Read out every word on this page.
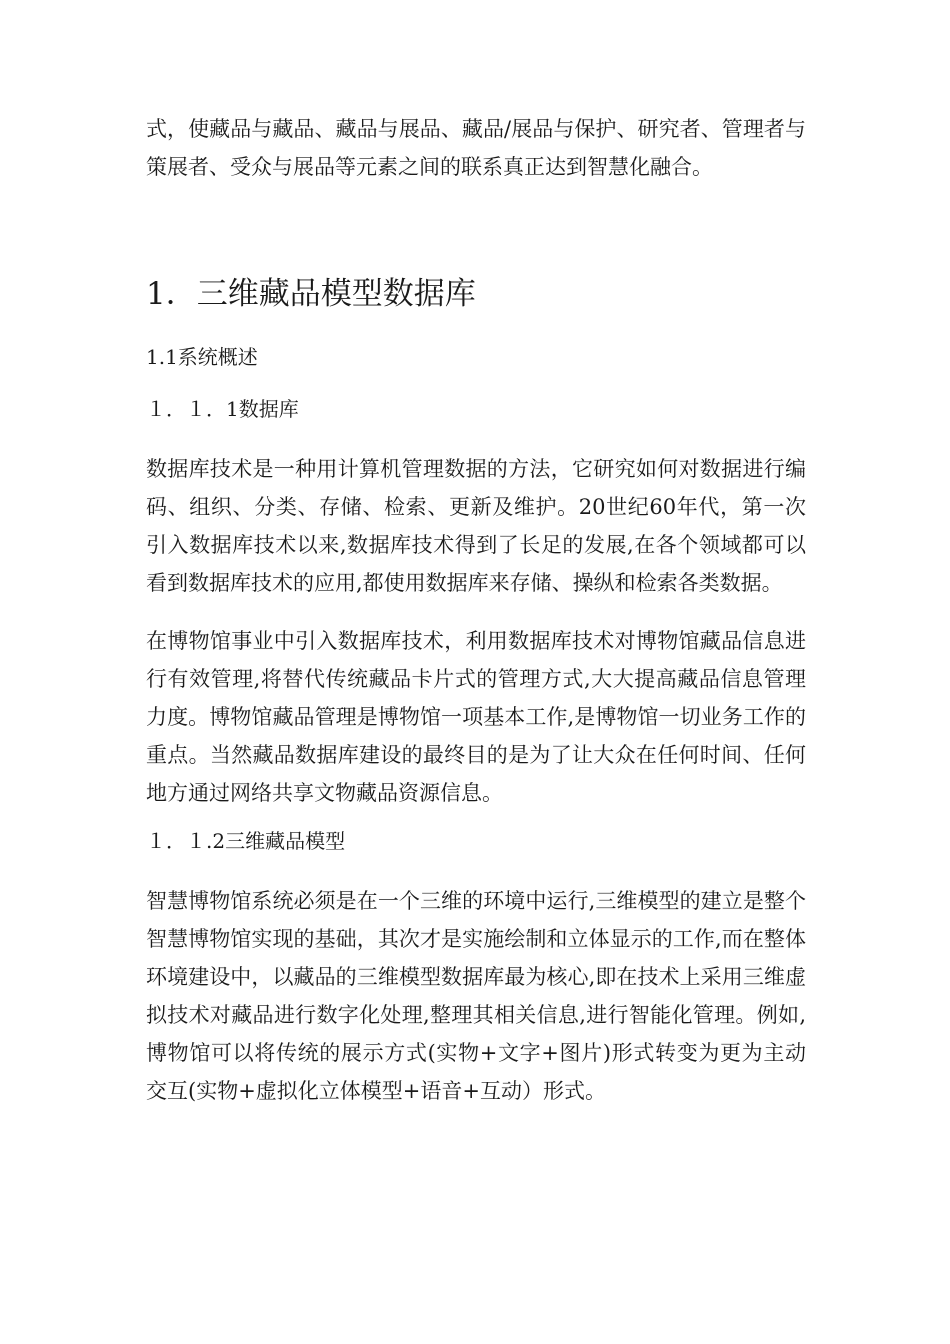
式，使藏品与藏品、藏品与展品、藏品/展品与保护、研究者、管理者与策展者、受众与展品等元素之间的联系真正达到智慧化融合。

1．三维藏品模型数据库
1.1系统概述
１．１．1数据库

数据库技术是一种用计算机管理数据的方法，它研究如何对数据进行编码、组织、分类、存储、检索、更新及维护。20世纪60年代，第一次引入数据库技术以来,数据库技术得到了长足的发展,在各个领域都可以看到数据库技术的应用,都使用数据库来存储、操纵和检索各类数据。

在博物馆事业中引入数据库技术，利用数据库技术对博物馆藏品信息进行有效管理,将替代传统藏品卡片式的管理方式,大大提高藏品信息管理力度。博物馆藏品管理是博物馆一项基本工作,是博物馆一切业务工作的重点。当然藏品数据库建设的最终目的是为了让大众在任何时间、任何地方通过网络共享文物藏品资源信息。

１．１.2三维藏品模型

智慧博物馆系统必须是在一个三维的环境中运行,三维模型的建立是整个智慧博物馆实现的基础，其次才是实施绘制和立体显示的工作,而在整体环境建设中，以藏品的三维模型数据库最为核心,即在技术上采用三维虚拟技术对藏品进行数字化处理,整理其相关信息,进行智能化管理。例如,博物馆可以将传统的展示方式(实物+文字+图片)形式转变为更为主动交互(实物+虚拟化立体模型+语音+互动）形式。
